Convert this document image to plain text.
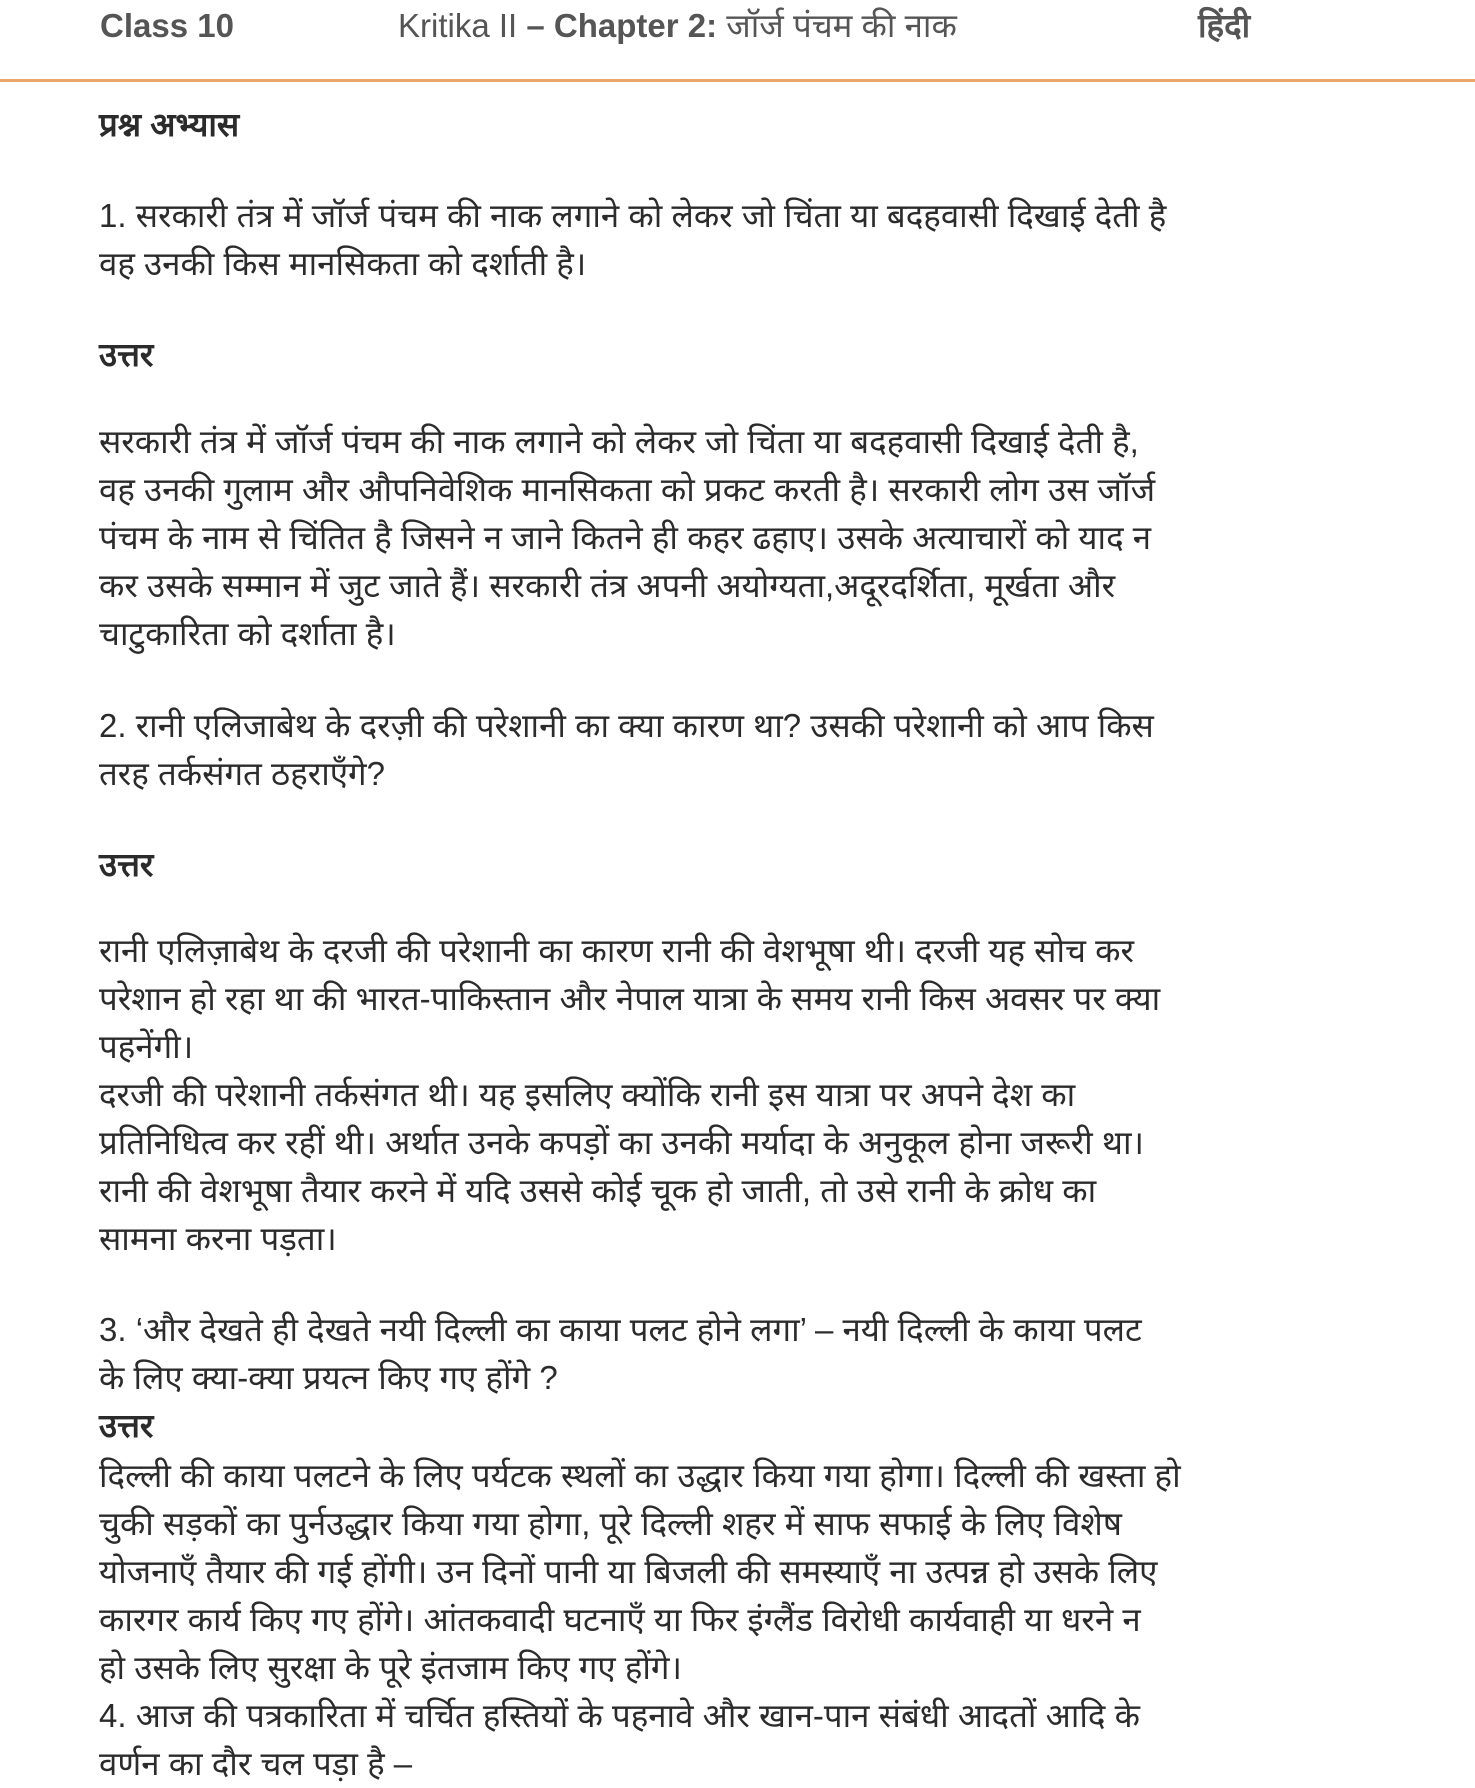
Class 10	Kritika II – Chapter 2: जॉर्ज पंचम की नाक	हिंदी
प्रश्न अभ्यास
1. सरकारी तंत्र में जॉर्ज पंचम की नाक लगाने को लेकर जो चिंता या बदहवासी दिखाई देती है
वह उनकी किस मानसिकता को दर्शाती है।
उत्तर
सरकारी तंत्र में जॉर्ज पंचम की नाक लगाने को लेकर जो चिंता या बदहवासी दिखाई देती है,
वह उनकी गुलाम और औपनिवेशिक मानसिकता को प्रकट करती है। सरकारी लोग उस जॉर्ज
पंचम के नाम से चिंतित है जिसने न जाने कितने ही कहर ढहाए। उसके अत्याचारों को याद न
कर उसके सम्मान में जुट जाते हैं। सरकारी तंत्र अपनी अयोग्यता,अदूरदर्शिता, मूर्खता और
चाटुकारिता को दर्शाता है।
2. रानी एलिजाबेथ के दरज़ी की परेशानी का क्या कारण था? उसकी परेशानी को आप किस
तरह तर्कसंगत ठहराएँगे?
उत्तर
रानी एलिज़ाबेथ के दरजी की परेशानी का कारण रानी की वेशभूषा थी। दरजी यह सोच कर
परेशान हो रहा था की भारत-पाकिस्तान और नेपाल यात्रा के समय रानी किस अवसर पर क्या
पहनेंगी।
दरजी की परेशानी तर्कसंगत थी। यह इसलिए क्योंकि रानी इस यात्रा पर अपने देश का
प्रतिनिधित्व कर रहीं थी। अर्थात उनके कपड़ों का उनकी मर्यादा के अनुकूल होना जरूरी था।
रानी की वेशभूषा तैयार करने में यदि उससे कोई चूक हो जाती, तो उसे रानी के क्रोध का
सामना करना पड़ता।
3. ‘और देखते ही देखते नयी दिल्ली का काया पलट होने लगा’ – नयी दिल्ली के काया पलट
के लिए क्या-क्या प्रयत्न किए गए होंगे ?
उत्तर
दिल्ली की काया पलटने के लिए पर्यटक स्थलों का उद्धार किया गया होगा। दिल्ली की खस्ता हो
चुकी सड़कों का पुर्नउद्धार किया गया होगा, पूरे दिल्ली शहर में साफ सफाई के लिए विशेष
योजनाएँ तैयार की गई होंगी। उन दिनों पानी या बिजली की समस्याएँ ना उत्पन्न हो उसके लिए
कारगर कार्य किए गए होंगे। आंतकवादी घटनाएँ या फिर इंग्लैंड विरोधी कार्यवाही या धरने न
हो उसके लिए सुरक्षा के पूरे इंतजाम किए गए होंगे।
4. आज की पत्रकारिता में चर्चित हस्तियों के पहनावे और खान-पान संबंधी आदतों आदि के
वर्णन का दौर चल पड़ा है –
